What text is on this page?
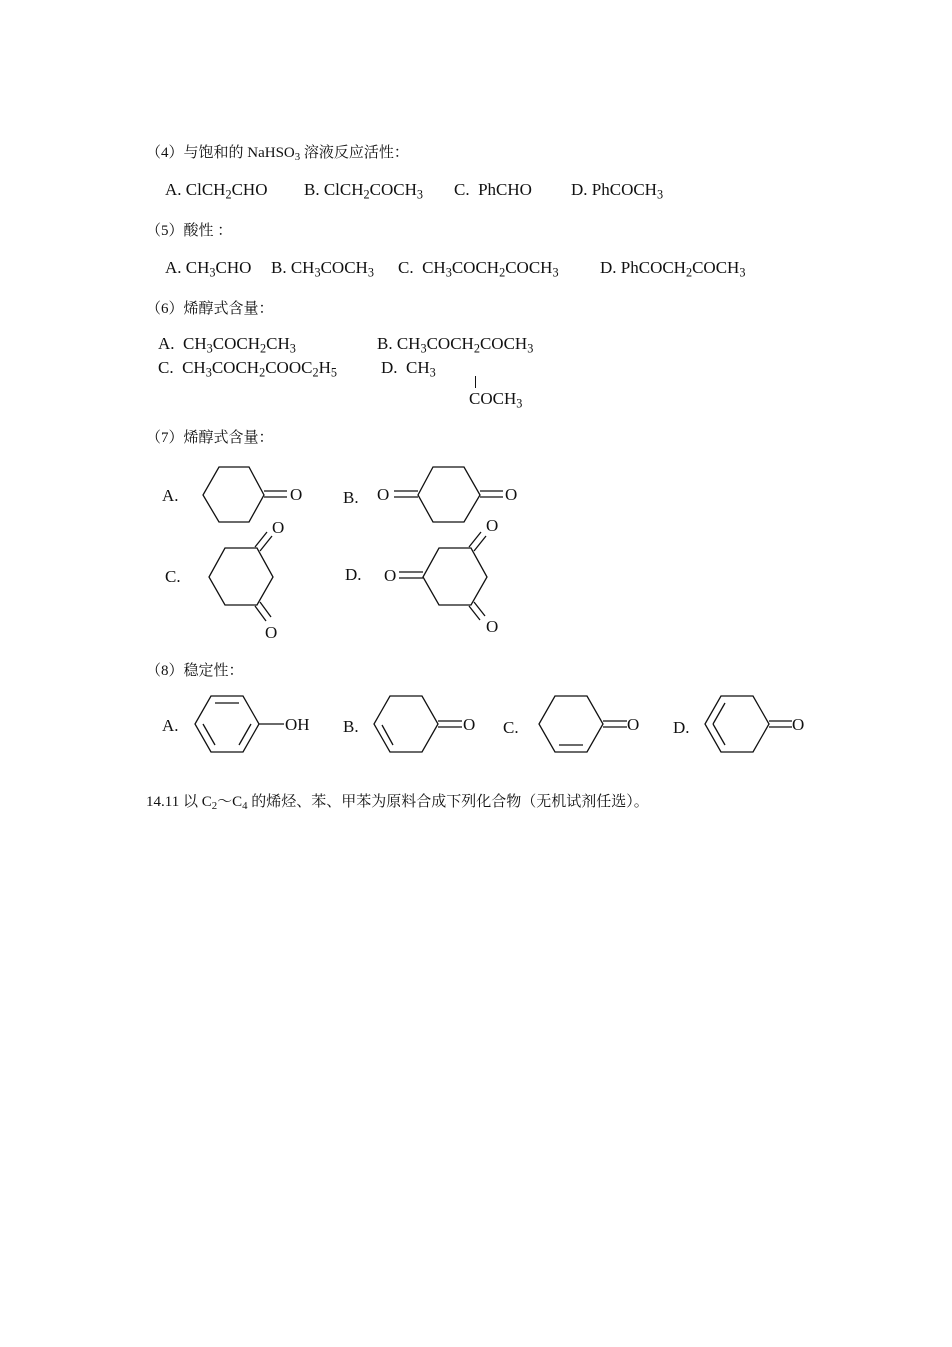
（4）与饱和的 NaHSO$_3$ 溶液反应活性：
A. ClCH$_2$CHO B. $ClCH_2COCH_3$ C.  PhCHO D. PhCOCH$_3$
（5）酸性 ：
A. $CH_3CHO$ B. $CH_3COCH_3$ C.  $CH_3COCH_2COCH_3$ D. $PhCOCH_2COCH_3$
（6）烯醇式含量：
A.  $CH_3COCH_2CH_3$	B. $CH_3COCH_2COCH_3$
C.  $CH_3COCH_2COOC_2H_5$	D.  $CH_3$
$COCH_3$
（7）烯醇式含量：
A.	O B. O	O
C.
O
O
D. O
O
O
（8）稳定性：
A.	OH B.	O C.	O D.	O
14.11 以 $C_2\sim C_4$ 的烯烃、苯、甲苯为原料合成下列化合物（无机试剂任选）。
